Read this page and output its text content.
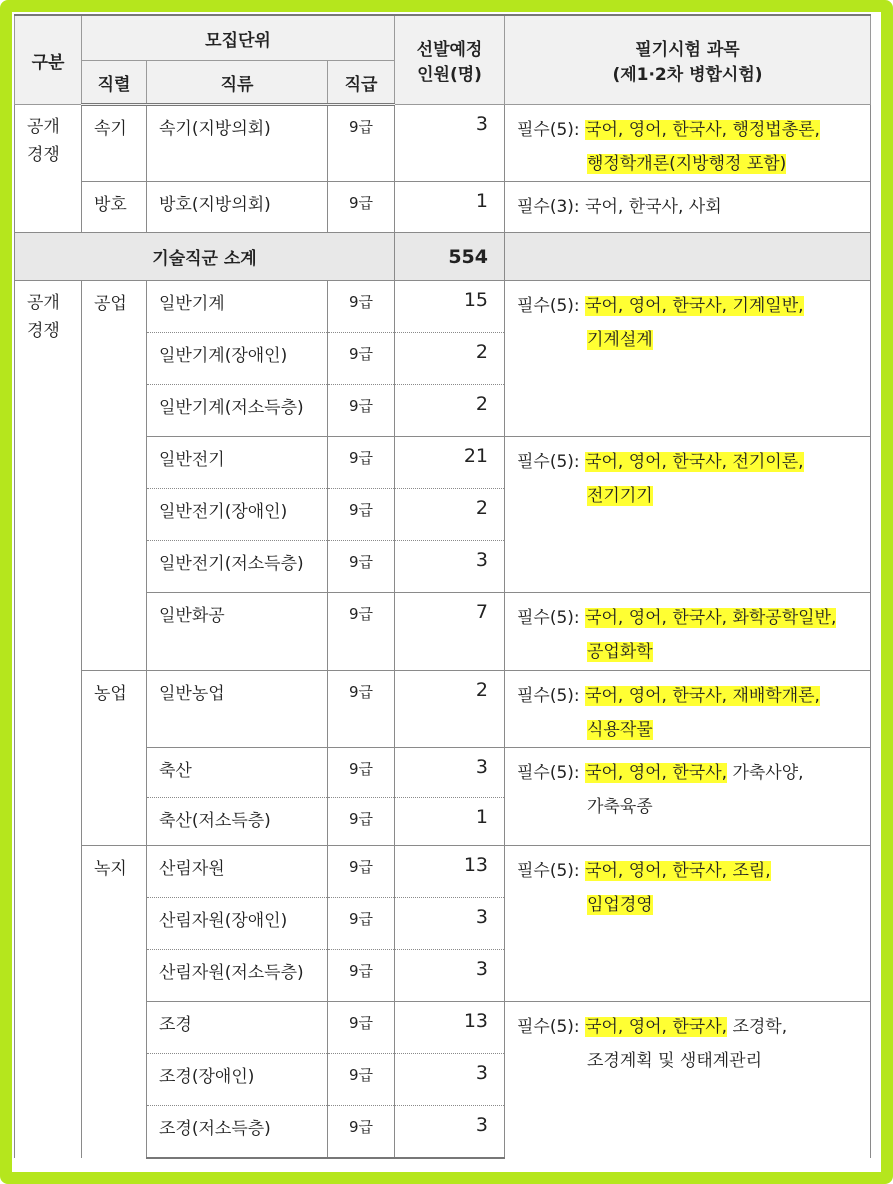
구분	모집단위			선발예정
인원(명)	필기시험 과목
(제1·2차 병합시험)
	직렬	직류	직급		
공개
경쟁	속기	속기(지방의회)	9급	3	필수(5): 국어, 영어, 한국사, 행정법총론,
행정학개론(지방행정 포함)

	방호	방호(지방의회)	9급	1	필수(3): 국어, 한국사, 사회
기술직군 소계				554	
공개
경쟁	공업	일반기계	9급	15	필수(5): 국어, 영어, 한국사, 기계일반,
기계설계

		일반기계(장애인)	9급	2	
		일반기계(저소득층)	9급	2	
		일반전기	9급	21	필수(5): 국어, 영어, 한국사, 전기이론,
전기기기

		일반전기(장애인)	9급	2	
		일반전기(저소득층)	9급	3	
		일반화공	9급	7	필수(5): 국어, 영어, 한국사, 화학공학일반,
공업화학

	농업	일반농업	9급	2	필수(5): 국어, 영어, 한국사, 재배학개론,
식용작물

		축산	9급	3	필수(5): 국어, 영어, 한국사, 가축사양,
가축육종

		축산(저소득층)	9급	1	
	녹지	산림자원	9급	13	필수(5): 국어, 영어, 한국사, 조림,
임업경영

		산림자원(장애인)	9급	3	
		산림자원(저소득층)	9급	3	
		조경	9급	13	필수(5): 국어, 영어, 한국사, 조경학,
조경계획 및 생태계관리

		조경(장애인)	9급	3	
		조경(저소득층)	9급	3	
